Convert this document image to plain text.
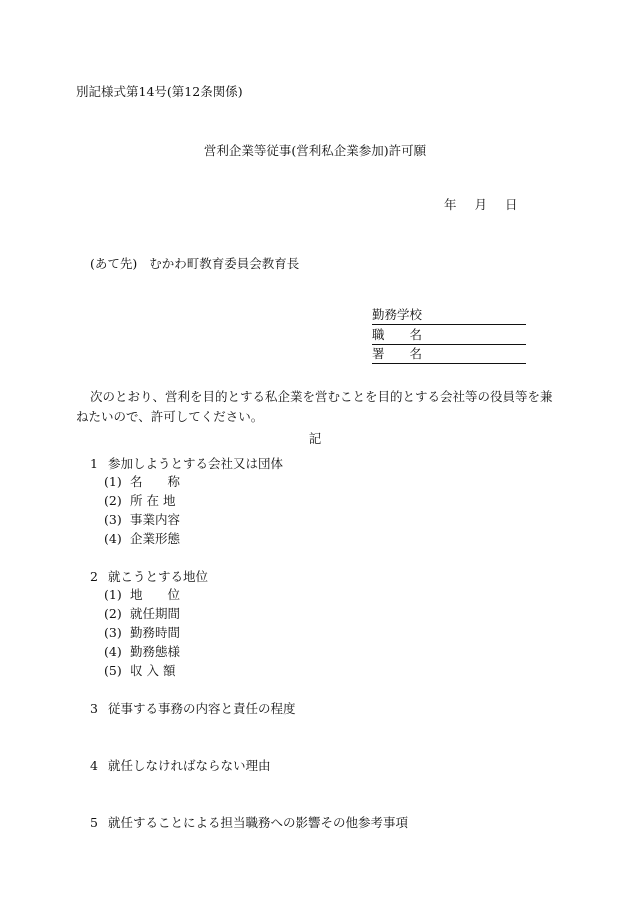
別記様式第14号(第12条関係)
営利企業等従事(営利私企業参加)許可願
年 月 日
(あて先) むかわ町教育委員会教育長
勤務学校
職　　名
署　　名
次のとおり、営利を目的とする私企業を営むことを目的とする会社等の役員等を兼ねたいので、許可してください。
記
1 参加しようとする会社又は団体
(1) 名　　称
(2) 所 在 地
(3) 事業内容
(4) 企業形態
2 就こうとする地位
(1) 地　　位
(2) 就任期間
(3) 勤務時間
(4) 勤務態様
(5) 収 入 額
3 従事する事務の内容と責任の程度
4 就任しなければならない理由
5 就任することによる担当職務への影響その他参考事項
